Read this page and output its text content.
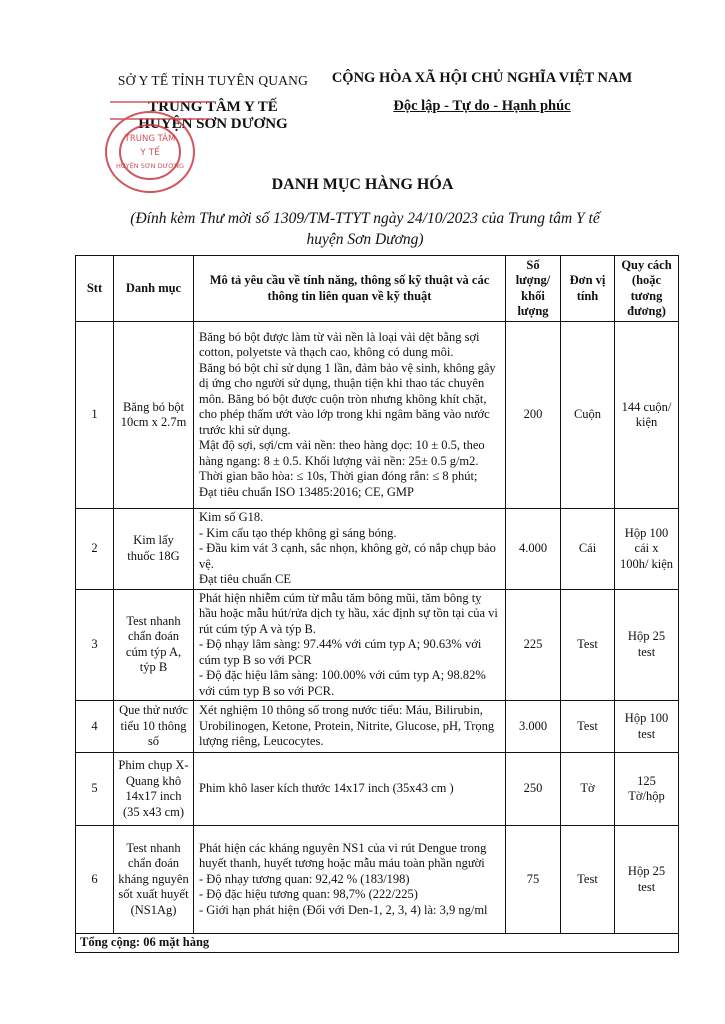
SỞ Y TẾ TỈNH TUYÊN QUANG
TRUNG TÂM Y TẾ
HUYỆN SƠN DƯƠNG
TRUNG TÂM
Y TẾ
HUYỆN SƠN DƯƠNG
CỘNG HÒA XÃ HỘI CHỦ NGHĨA VIỆT NAM
Độc lập - Tự do - Hạnh phúc
DANH MỤC HÀNG HÓA
(Đính kèm Thư mời số 1309/TM-TTYT ngày 24/10/2023 của Trung tâm Y tế
huyện Sơn Dương)
Stt	Danh mục	Mô tả yêu cầu về tính năng, thông số kỹ thuật và các thông tin liên quan về kỹ thuật	Số lượng/ khối lượng	Đơn vị tính	Quy cách (hoặc tương đương)
1	Băng bó bột 10cm x 2.7m	Băng bó bột được làm từ vải nền là loại vải dệt bằng sợi cotton, polyetste và thạch cao, không có dung môi.
Băng bó bột chỉ sử dụng 1 lần, đảm bảo vệ sinh, không gây dị ứng cho người sử dụng, thuận tiện khi thao tác chuyên môn. Băng bó bột được cuộn tròn nhưng không khít chặt, cho phép thấm ướt vào lớp trong khi ngâm băng vào nước trước khi sử dụng.
Mật độ sợi, sợi/cm vải nền: theo hàng dọc: 10 ± 0.5, theo hàng ngang: 8 ± 0.5. Khối lượng vải nền: 25± 0.5 g/m2.
Thời gian bão hòa: ≤ 10s, Thời gian đóng rắn: ≤ 8 phút;
Đạt tiêu chuẩn ISO 13485:2016; CE, GMP	200	Cuộn	144 cuộn/ kiện
2	Kim lấy thuốc 18G	Kim số G18.
- Kim cấu tạo thép không gỉ sáng bóng.
- Đầu kim vát 3 cạnh, sắc nhọn, không gờ, có nắp chụp bảo vệ.
Đạt tiêu chuẩn CE	4.000	Cái	Hộp 100 cái x 100h/ kiện
3	Test nhanh chẩn đoán cúm týp A, týp B	Phát hiện nhiễm cúm từ mẫu tăm bông mũi, tăm bông tỵ hầu hoặc mẫu hút/rửa dịch tỵ hầu, xác định sự tồn tại của vi rút cúm týp A và týp B.
- Độ nhạy lâm sàng: 97.44% với cúm typ A; 90.63% với cúm typ B so với PCR
- Độ đặc hiệu lâm sàng: 100.00% với cúm typ A; 98.82% với cúm typ B so với PCR.	225	Test	Hộp 25 test
4	Que thử nước tiểu 10 thông số	Xét nghiệm 10 thông số trong nước tiểu: Máu, Bilirubin, Urobilinogen, Ketone, Protein, Nitrite, Glucose, pH, Trọng lượng riêng, Leucocytes.	3.000	Test	Hộp 100 test
5	Phim chụp X-Quang khô 14x17 inch (35 x43 cm)	Phim khô laser kích thước 14x17 inch (35x43 cm )	250	Tờ	125 Tờ/hộp
6	Test nhanh chẩn đoán kháng nguyên sốt xuất huyết (NS1Ag)	Phát hiện các kháng nguyên NS1 của vi rút Dengue trong huyết thanh, huyết tương hoặc mẫu máu toàn phần người
- Độ nhạy tương quan: 92,42 % (183/198)
- Độ đặc hiệu tương quan: 98,7% (222/225)
- Giới hạn phát hiện (Đối với Den-1, 2, 3, 4) là: 3,9 ng/ml	75	Test	Hộp 25 test
Tổng cộng: 06 mặt hàng					
